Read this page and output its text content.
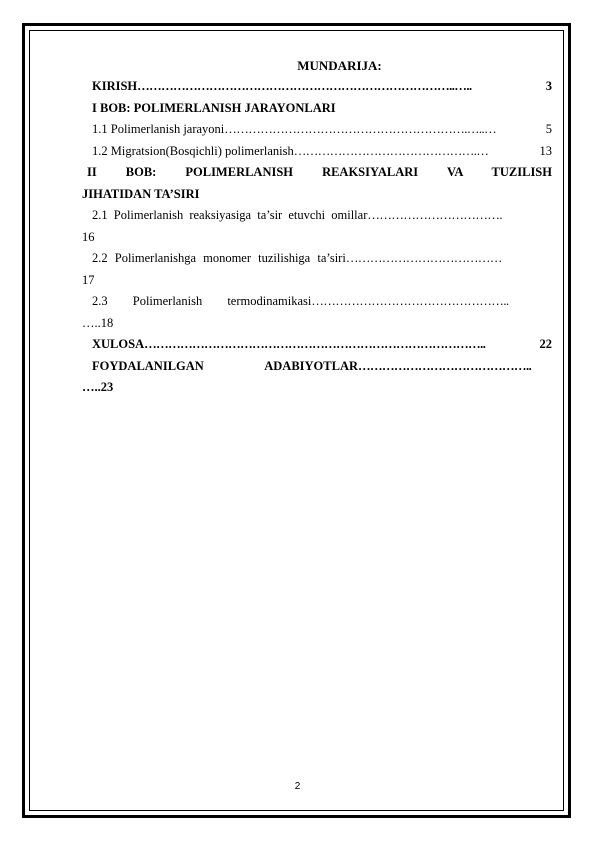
MUNDARIJA:
KIRISH ……………………………………………………………………..…..	3
I BOB: POLIMERLANISH JARAYONLARI
1.1 Polimerlanish jarayoni …………………………………………………….…..…	5
1.2 Migratsion(Bosqichli) polimerlanish ……………………………………….…	13
II BOB: POLIMERLANISH REAKSIYALARI VA TUZILISH
JIHATIDAN TA’SIRI
2.1 Polimerlanish reaksiyasiga ta’sir etuvchi omillar …………………………….
16
2.2 Polimerlanishga monomer tuzilishiga ta’siri …………………………………
17
2.3 Polimerlanish termodinamikasi …………………………………………..
…..18
XULOSA …………………………………………………………………………..	22
FOYDALANILGAN ADABIYOTLAR ……………………………………..
…..23
2
